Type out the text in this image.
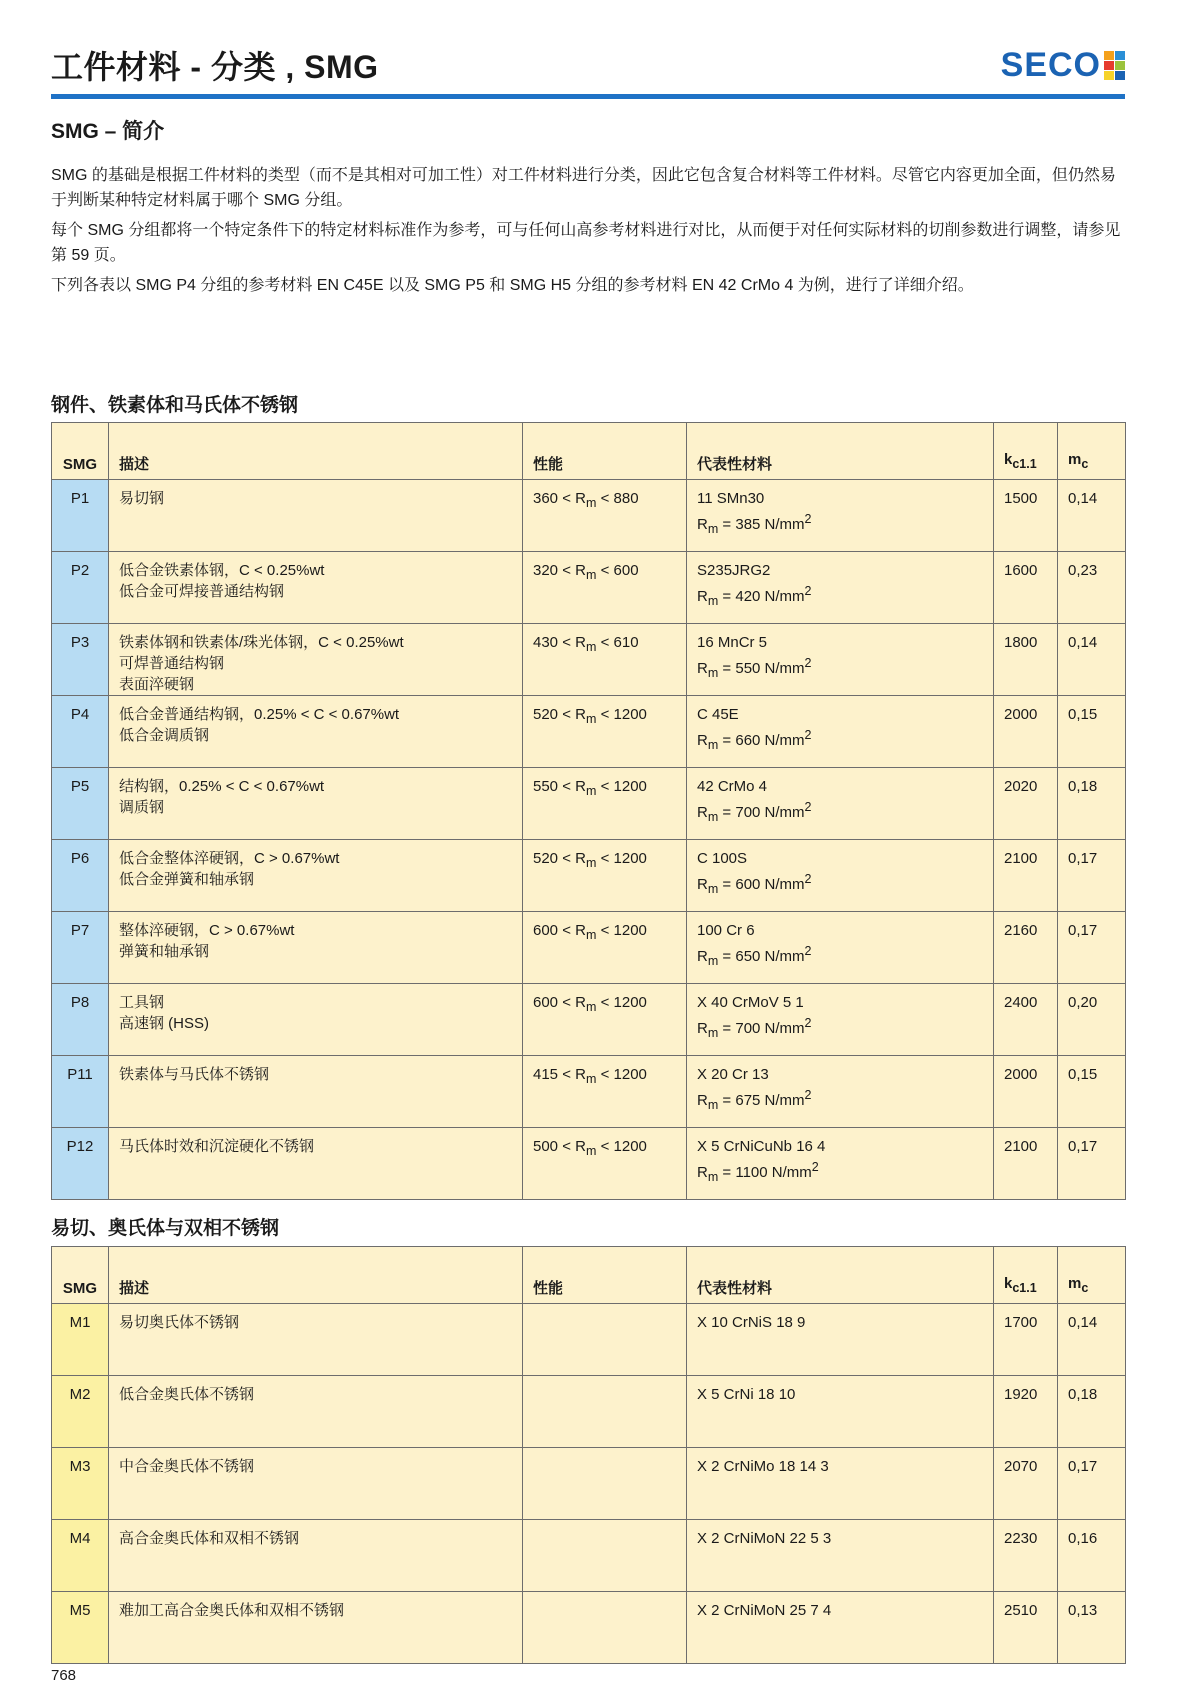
工件材料 - 分类 , SMG	SECO
SMG – 简介

SMG 的基础是根据工件材料的类型（而不是其相对可加工性）对工件材料进行分类，因此它包含复合材料等工件材料。尽管它内容更加全面，但仍然易于判断某种特定材料属于哪个 SMG 分组。

每个 SMG 分组都将一个特定条件下的特定材料标准作为参考，可与任何山高参考材料进行对比，从而便于对任何实际材料的切削参数进行调整，请参见第 59 页。

下列各表以 SMG P4 分组的参考材料 EN C45E 以及 SMG P5 和 SMG H5 分组的参考材料 EN 42 CrMo 4 为例，进行了详细介绍。

钢件、铁素体和马氏体不锈钢
SMG	描述	性能	代表性材料	$k_{c1.1}$	$m_c$
P1	易切钢	$360 < R_m < 880$	11 SMn30
$R_m = 385$ $N/mm^2$	1500	0,14
P2	低合金铁素体钢，C < 0.25%wt
低合金可焊接普通结构钢	$320 < R_m < 600$	S235JRG2
$R_m = 420$ $N/mm^2$	1600	0,23
P3	铁素体钢和铁素体/珠光体钢，C < 0.25%wt
可焊普通结构钢
表面淬硬钢	$430 < R_m < 610$	16 MnCr 5
$R_m = 550$ $N/mm^2$	1800	0,14
P4	低合金普通结构钢，0.25% < C < 0.67%wt
低合金调质钢	$520 < R_m < 1200$	C 45E
$R_m = 660$ $N/mm^2$	2000	0,15
P5	结构钢，0.25% < C < 0.67%wt
调质钢	$550 < R_m < 1200$	42 CrMo 4
$R_m = 700$ $N/mm^2$	2020	0,18
P6	低合金整体淬硬钢，C > 0.67%wt
低合金弹簧和轴承钢	$520 < R_m < 1200$	C 100S
$R_m = 600$ $N/mm^2$	2100	0,17
P7	整体淬硬钢，C > 0.67%wt
弹簧和轴承钢	$600 < R_m < 1200$	100 Cr 6
$R_m = 650$ $N/mm^2$	2160	0,17
P8	工具钢
高速钢 (HSS)	$600 < R_m < 1200$	X 40 CrMoV 5 1
$R_m = 700$ $N/mm^2$	2400	0,20
P11	铁素体与马氏体不锈钢	$415 < R_m < 1200$	X 20 Cr 13
$R_m = 675$ $N/mm^2$	2000	0,15
P12	马氏体时效和沉淀硬化不锈钢	$500 < R_m < 1200$	X 5 CrNiCuNb 16 4
$R_m = 1100$ $N/mm^2$	2100	0,17
易切、奥氏体与双相不锈钢
SMG	描述	性能	代表性材料	$k_{c1.1}$	$m_c$
M1	易切奥氏体不锈钢		X 10 CrNiS 18 9	1700	0,14
M2	低合金奥氏体不锈钢		X 5 CrNi 18 10	1920	0,18
M3	中合金奥氏体不锈钢		X 2 CrNiMo 18 14 3	2070	0,17
M4	高合金奥氏体和双相不锈钢		X 2 CrNiMoN 22 5 3	2230	0,16
M5	难加工高合金奥氏体和双相不锈钢		X 2 CrNiMoN 25 7 4	2510	0,13
768
